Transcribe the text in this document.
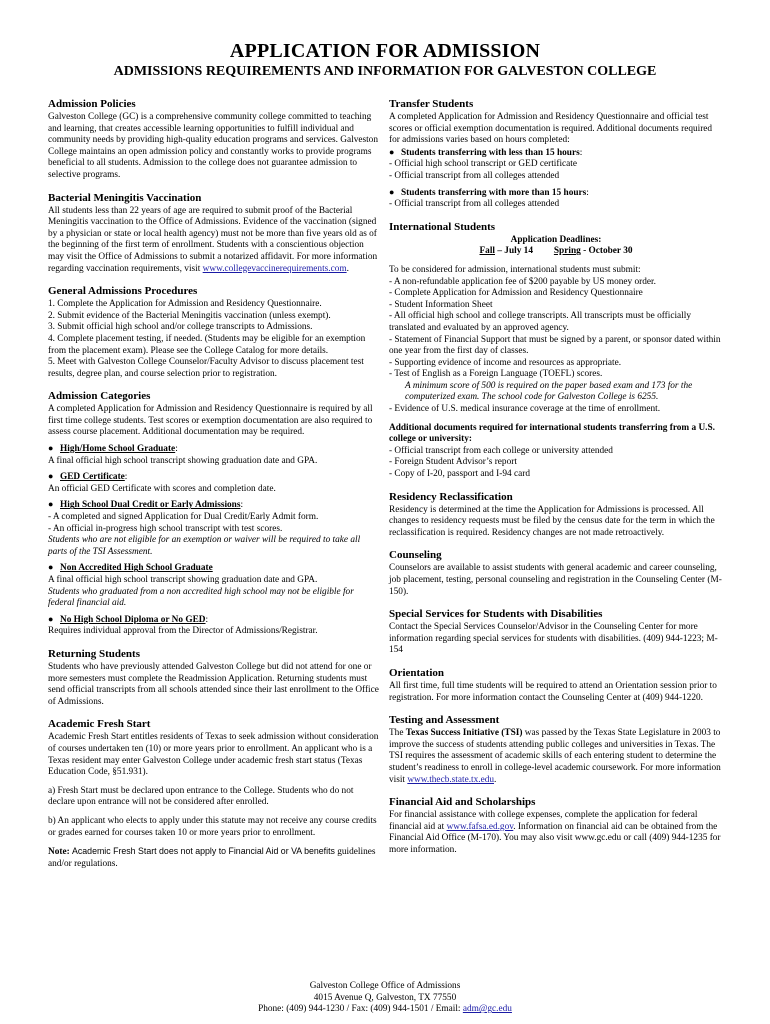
APPLICATION FOR ADMISSION
ADMISSIONS REQUIREMENTS AND INFORMATION FOR GALVESTON COLLEGE
Admission Policies

Galveston College (GC) is a comprehensive community college committed to teaching and learning, that creates accessible learning opportunities to fulfill individual and community needs by providing high-quality education programs and services. Galveston College maintains an open admission policy and constantly works to provide programs beneficial to all students. Admission to the college does not guarantee admission to selective programs.

Bacterial Meningitis Vaccination

All students less than 22 years of age are required to submit proof of the Bacterial Meningitis vaccination to the Office of Admissions. Evidence of the vaccination (signed by a physician or state or local health agency) must not be more than five years old as of the beginning of the first term of enrollment. Students with a conscientious objection may visit the Office of Admissions to submit a notarized affidavit. For more information regarding vaccination requirements, visit www.collegevaccinerequirements.com.

General Admissions Procedures

1. Complete the Application for Admission and Residency Questionnaire.

2. Submit evidence of the Bacterial Meningitis vaccination (unless exempt).

3. Submit official high school and/or college transcripts to Admissions.

4. Complete placement testing, if needed. (Students may be eligible for an exemption from the placement exam). Please see the College Catalog for more details.

5. Meet with Galveston College Counselor/Faculty Advisor to discuss placement test results, degree plan, and course selection prior to registration.

Admission Categories

A completed Application for Admission and Residency Questionnaire is required by all first time college students. Test scores or exemption documentation are also required to assess course placement. Additional documentation may be required.

● High/Home School Graduate:

A final official high school transcript showing graduation date and GPA.

● GED Certificate:

An official GED Certificate with scores and completion date.

● High School Dual Credit or Early Admissions:

- A completed and signed Application for Dual Credit/Early Admit form.

- An official in-progress high school transcript with test scores.

Students who are not eligible for an exemption or waiver will be required to take all parts of the TSI Assessment.

● Non Accredited High School Graduate

A final official high school transcript showing graduation date and GPA.

Students who graduated from a non accredited high school may not be eligible for federal financial aid.

● No High School Diploma or No GED:

Requires individual approval from the Director of Admissions/Registrar.

Returning Students

Students who have previously attended Galveston College but did not attend for one or more semesters must complete the Readmission Application. Returning students must send official transcripts from all schools attended since their last enrollment to the Office of Admissions.

Academic Fresh Start

Academic Fresh Start entitles residents of Texas to seek admission without consideration of courses undertaken ten (10) or more years prior to enrollment. An applicant who is a Texas resident may enter Galveston College under academic fresh start status (Texas Education Code, §51.931).

a) Fresh Start must be declared upon entrance to the College. Students who do not declare upon entrance will not be considered after enrolled.

b) An applicant who elects to apply under this statute may not receive any course credits or grades earned for courses taken 10 or more years prior to enrollment.

Note: Academic Fresh Start does not apply to Financial Aid or VA benefits guidelines and/or regulations.

Transfer Students

A completed Application for Admission and Residency Questionnaire and official test scores or official exemption documentation is required. Additional documents required for admissions varies based on hours completed:

● Students transferring with less than 15 hours:

- Official high school transcript or GED certificate

- Official transcript from all colleges attended

● Students transferring with more than 15 hours:

- Official transcript from all colleges attended

International Students

Application Deadlines:

Fall – July 14 Spring - October 30

To be considered for admission, international students must submit:

- A non-refundable application fee of $200 payable by US money order.

- Complete Application for Admission and Residency Questionnaire

- Student Information Sheet

- All official high school and college transcripts. All transcripts must be officially translated and evaluated by an approved agency.

- Statement of Financial Support that must be signed by a parent, or sponsor dated within one year from the first day of classes.

- Supporting evidence of income and resources as appropriate.

- Test of English as a Foreign Language (TOEFL) scores.

A minimum score of 500 is required on the paper based exam and 173 for the computerized exam. The school code for Galveston College is 6255.

- Evidence of U.S. medical insurance coverage at the time of enrollment.

Additional documents required for international students transferring from a U.S. college or university:

- Official transcript from each college or university attended

- Foreign Student Advisor’s report

- Copy of I-20, passport and I-94 card

Residency Reclassification

Residency is determined at the time the Application for Admissions is processed. All changes to residency requests must be filed by the census date for the term in which the reclassification is required. Residency changes are not made retroactively.

Counseling

Counselors are available to assist students with general academic and career counseling, job placement, testing, personal counseling and registration in the Counseling Center (M-150).

Special Services for Students with Disabilities

Contact the Special Services Counselor/Advisor in the Counseling Center for more information regarding special services for students with disabilities. (409) 944-1223; M-154

Orientation

All first time, full time students will be required to attend an Orientation session prior to registration. For more information contact the Counseling Center at (409) 944-1220.

Testing and Assessment

The Texas Success Initiative (TSI) was passed by the Texas State Legislature in 2003 to improve the success of students attending public colleges and universities in Texas. The TSI requires the assessment of academic skills of each entering student to determine the student’s readiness to enroll in college-level academic coursework. For more information visit www.thecb.state.tx.edu.

Financial Aid and Scholarships

For financial assistance with college expenses, complete the application for federal financial aid at www.fafsa.ed.gov. Information on financial aid can be obtained from the Financial Aid Office (M-170). You may also visit www.gc.edu or call (409) 944-1235 for more information.

Galveston College Office of Admissions

4015 Avenue Q, Galveston, TX 77550

Phone: (409) 944-1230 / Fax: (409) 944-1501 / Email: adm@gc.edu
